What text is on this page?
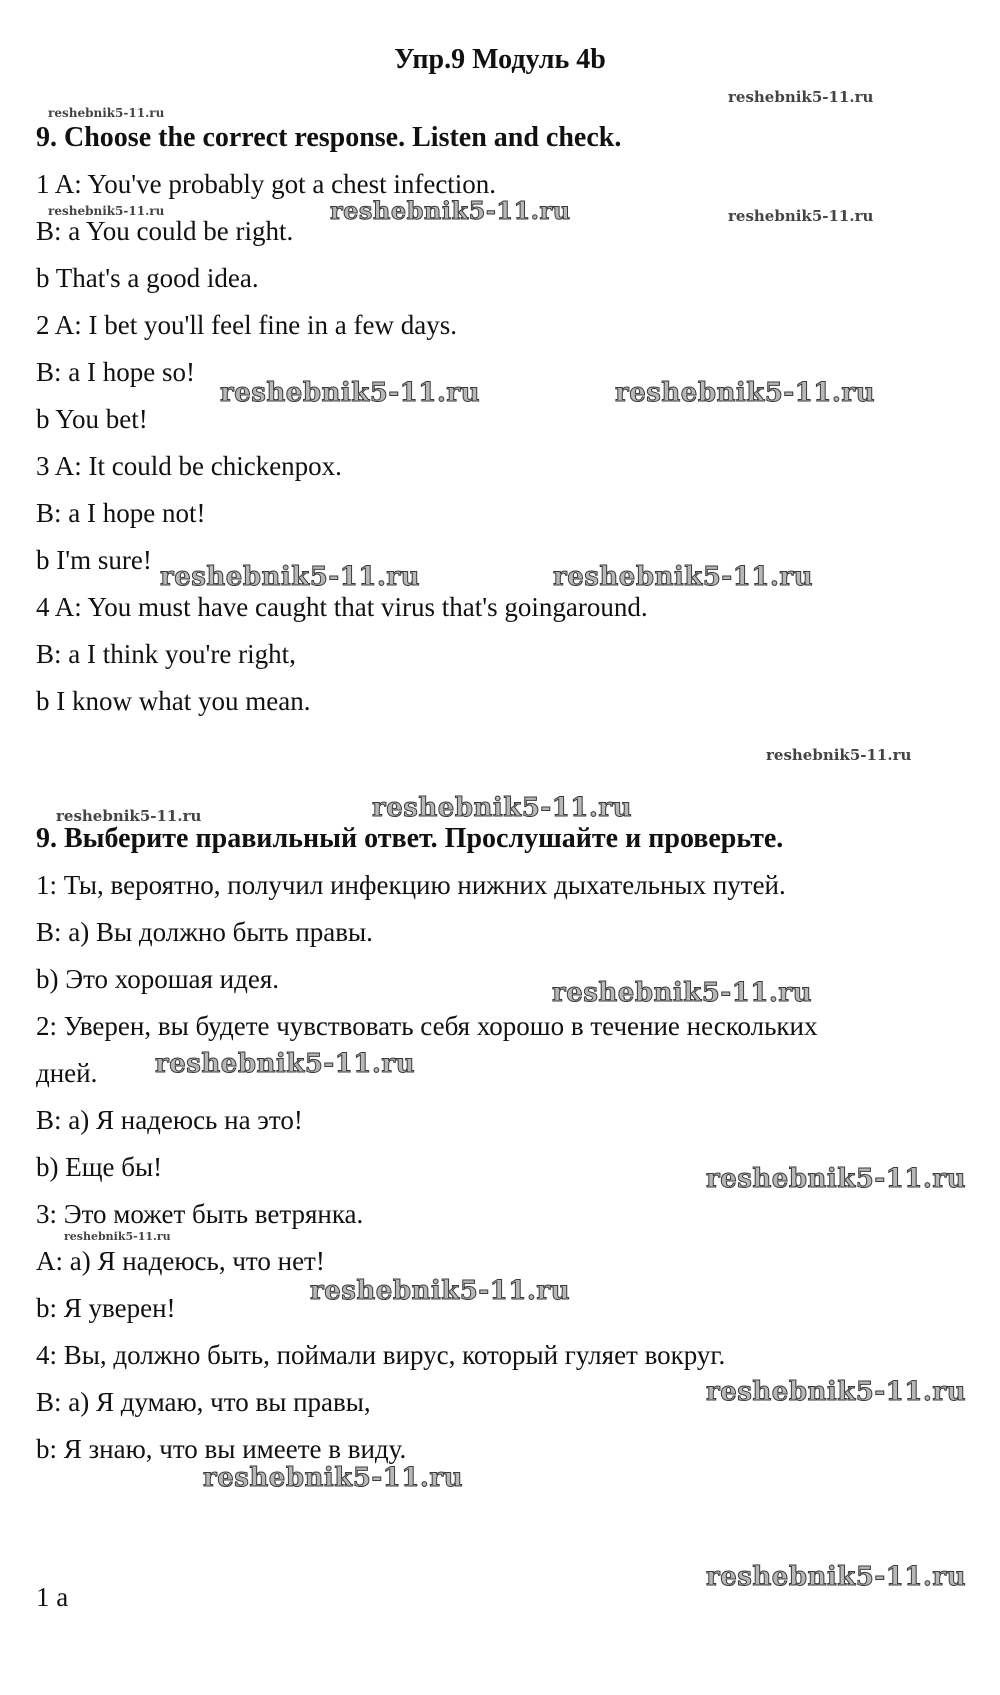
Упр.9 Модуль 4b
9. Choose the correct response. Listen and check.
1 A: You've probably got a chest infection.
B: a You could be right.
b That's a good idea.
2 A: I bet you'll feel fine in a few days.
B: a I hope so!
b You bet!
3 A: It could be chickenpox.
B: a I hope not!
b I'm sure!
4 A: You must have caught that virus that's goingaround.
B: a I think you're right,
b I know what you mean.
9. Выберите правильный ответ. Прослушайте и проверьте.
1: Ты, вероятно, получил инфекцию нижних дыхательных путей.
B: a) Вы должно быть правы.
b) Это хорошая идея.
2: Уверен, вы будете чувствовать себя хорошо в течение нескольких
дней.
B: a) Я надеюсь на это!
b) Еще бы!
3: Это может быть ветрянка.
A: a) Я надеюсь, что нет!
b: Я уверен!
4: Вы, должно быть, поймали вирус, который гуляет вокруг.
B: a) Я думаю, что вы правы,
b: Я знаю, что вы имеете в виду.
1 a
reshebnik5-11.ru
reshebnik5-11.ru
reshebnik5-11.ru	reshebnik5-11.ru	reshebnik5-11.ru
reshebnik5-11.ru	reshebnik5-11.ru
reshebnik5-11.ru	reshebnik5-11.ru
reshebnik5-11.ru
reshebnik5-11.ru	reshebnik5-11.ru
reshebnik5-11.ru
reshebnik5-11.ru
reshebnik5-11.ru
reshebnik5-11.ru
reshebnik5-11.ru
reshebnik5-11.ru
reshebnik5-11.ru
reshebnik5-11.ru
